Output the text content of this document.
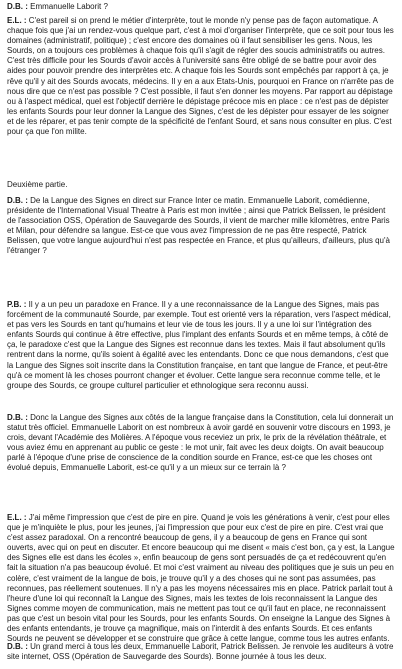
D.B. : Emmanuelle Laborit ?

E.L. : C'est pareil si on prend le métier d'interprète, tout le monde n'y pense pas de façon automatique. A chaque fois que j'ai un rendez-vous quelque part, c'est à moi d'organiser l'interprète, que ce soit pour tous les domaines (administratif, politique) ; c'est encore des domaines où il faut sensibiliser les gens. Nous, les Sourds, on a toujours ces problèmes à chaque fois qu'il s'agit de régler des soucis administratifs ou autres. C'est très difficile pour les Sourds d'avoir accès à l'université sans être obligé de se battre pour avoir des aides pour pouvoir prendre des interprètes etc. A chaque fois les Sourds sont empêchés par rapport à ça, je rêve qu'il y ait des Sourds avocats, médecins. Il y en a aux Etats-Unis, pourquoi en France on n'arrête pas de nous dire que ce n'est pas possible ? C'est possible, il faut s'en donner les moyens. Par rapport au dépistage ou à l'aspect médical, quel est l'objectif derrière le dépistage précoce mis en place : ce n'est pas de dépister les enfants Sourds pour leur donner la Langue des Signes, c'est de les dépister pour essayer de les soigner et de les réparer, et pas tenir compte de la spécificité de l'enfant Sourd, et sans nous consulter en plus. C'est pour ça que l'on milite.

Deuxième partie.

D.B. : De la Langue des Signes en direct sur France Inter ce matin. Emmanuelle Laborit, comédienne, présidente de l'International Visual Theatre à Paris est mon invitée ; ainsi que Patrick Belissen, le président de l'association OSS, Opération de Sauvegarde des Sourds, il vient de marcher mille kilomètres, entre Paris et Milan, pour défendre sa langue. Est-ce que vous avez l'impression de ne pas être respecté, Patrick Belissen, que votre langue aujourd'hui n'est pas respectée en France, et plus qu'ailleurs, d'ailleurs, plus qu'à l'étranger ?

P.B. : Il y a un peu un paradoxe en France. Il y a une reconnaissance de la Langue des Signes, mais pas forcément de la communauté Sourde, par exemple. Tout est orienté vers la réparation, vers l'aspect médical, et pas vers les Sourds en tant qu'humains et leur vie de tous les jours. Il y a une loi sur l'intégration des enfants Sourds qui continue à être effective, plus l'implant des enfants Sourds et en même temps, à côté de ça, le paradoxe c'est que la Langue des Signes est reconnue dans les textes. Mais il faut absolument qu'ils rentrent dans la norme, qu'ils soient à égalité avec les entendants. Donc ce que nous demandons, c'est que la Langue des Signes soit inscrite dans la Constitution française, en tant que langue de France, et peut-être qu'à ce moment là les choses pourront changer et évoluer. Cette langue sera reconnue comme telle, et le groupe des Sourds, ce groupe culturel particulier et ethnologique sera reconnu aussi.

D.B. : Donc la Langue des Signes aux côtés de la langue française dans la Constitution, cela lui donnerait un statut très officiel. Emmanuelle Laborit on est nombreux à avoir gardé en souvenir votre discours en 1993, je crois, devant l'Académie des Molières. A l'époque vous receviez un prix, le prix de la révélation théâtrale, et vous aviez ému en apprenant au public ce geste : le mot unir, fait avec les deux doigts. On avait beaucoup parlé à l'époque d'une prise de conscience de la condition sourde en France, est-ce que les choses ont évolué depuis, Emmanuelle Laborit, est-ce qu'il y a un mieux sur ce terrain là ?

E.L. : J'ai même l'impression que c'est de pire en pire. Quand je vois les générations à venir, c'est pour elles que je m'inquiète le plus, pour les jeunes, j'ai l'impression que pour eux c'est de pire en pire. C'est vrai que c'est assez paradoxal. On a rencontré beaucoup de gens, il y a beaucoup de gens en France qui sont ouverts, avec qui on peut en discuter. Et encore beaucoup qui me disent « mais c'est bon, ça y est, la Langue des Signes elle est dans les écoles », enfin beaucoup de gens sont persuadés de ça et redécouvrent qu'en fait la situation n'a pas beaucoup évolué. Et moi c'est vraiment au niveau des politiques que je suis un peu en colère, c'est vraiment de la langue de bois, je trouve qu'il y a des choses qui ne sont pas assumées, pas reconnues, pas réellement soutenues. Il n'y a pas les moyens nécessaires mis en place. Patrick parlait tout à l'heure d'une loi qui reconnaît la Langue des Signes, mais les textes de lois reconnaissent la Langue des Signes comme moyen de communication, mais ne mettent pas tout ce qu'il faut en place, ne reconnaissent pas que c'est un besoin vital pour les Sourds, pour les enfants Sourds. On enseigne la Langue des Signes à des enfants entendants, je trouve ça magnifique, mais on l'interdit à des enfants Sourds. Et ces enfants Sourds ne peuvent se développer et se construire que grâce à cette langue, comme tous les autres enfants.

D.B. : Un grand merci à tous les deux, Emmanuelle Laborit, Patrick Belissen. Je renvoie les auditeurs à votre site internet, OSS (Opération de Sauvegarde des Sourds). Bonne journée à tous les deux.
